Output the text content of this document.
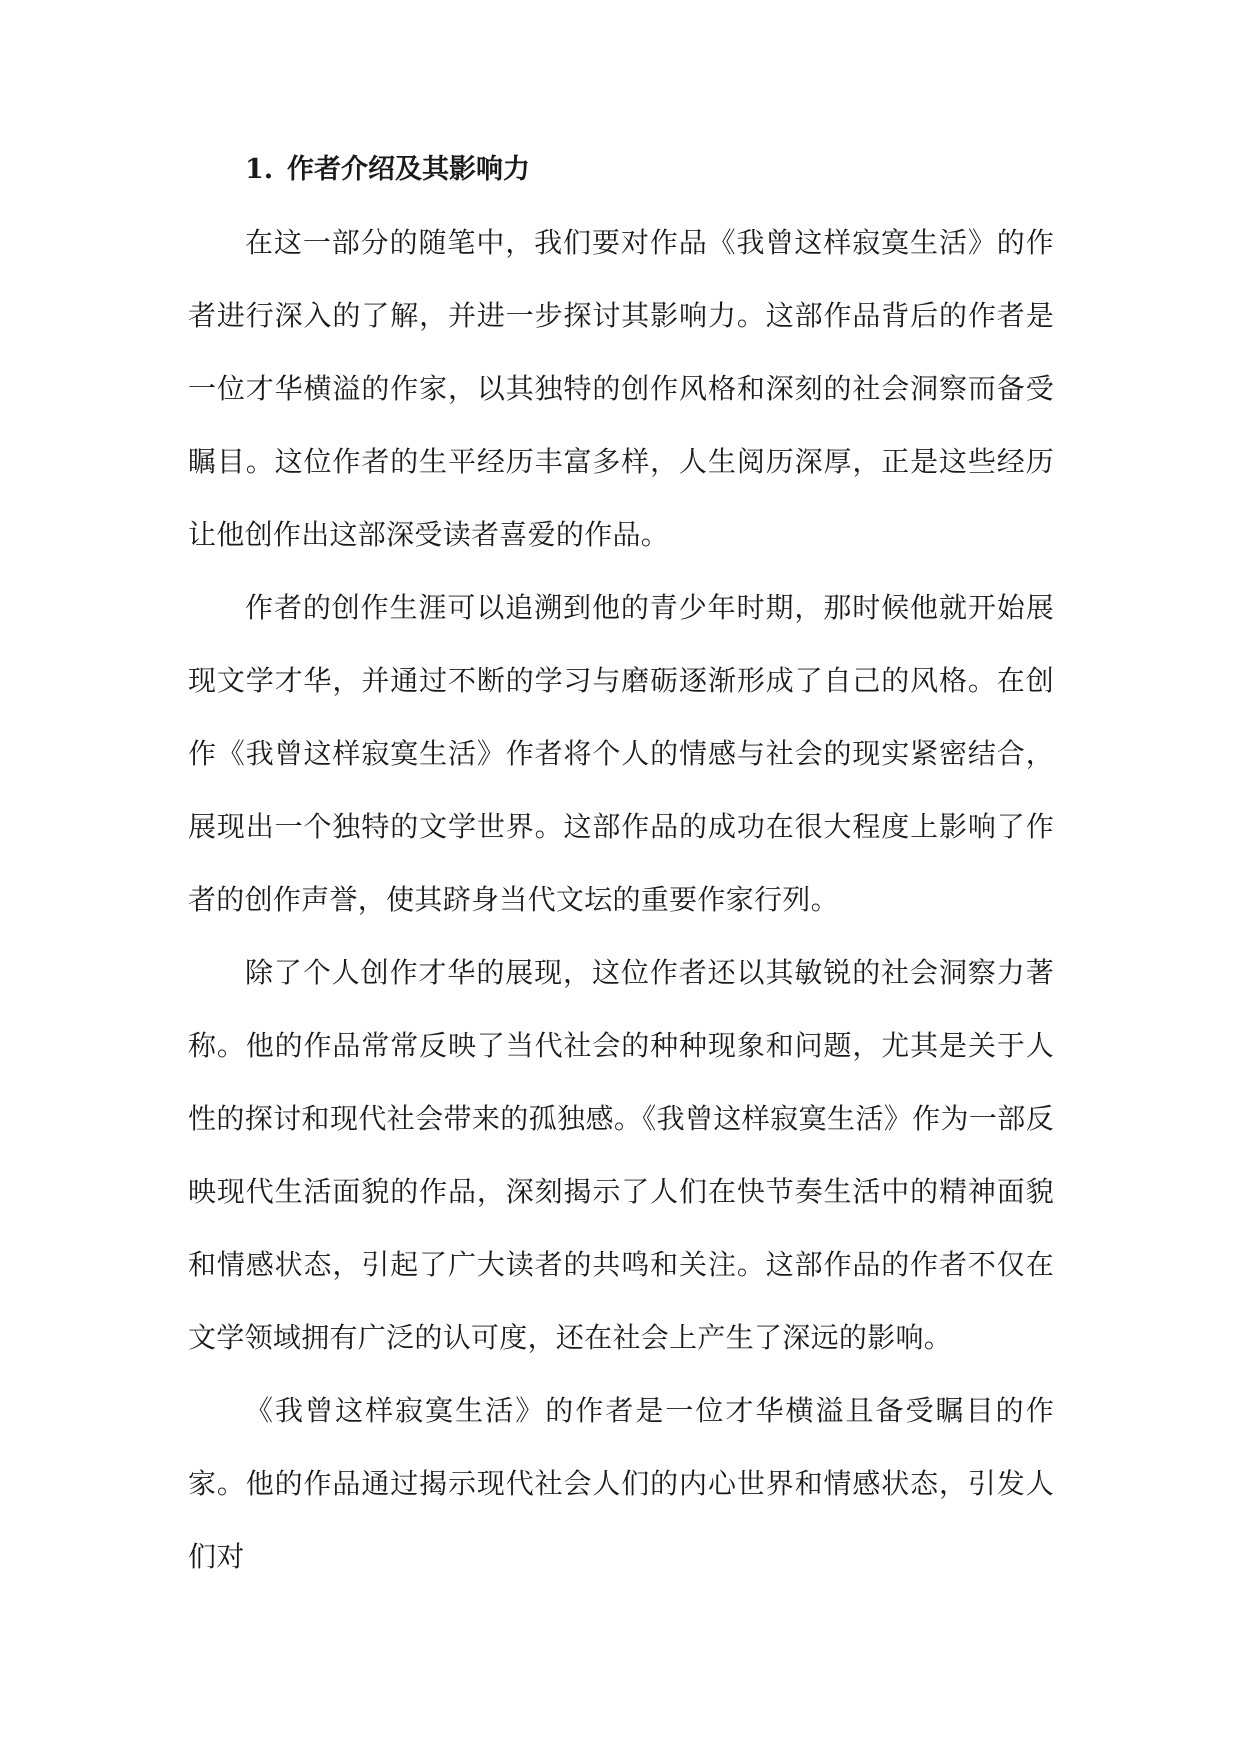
1. 作者介绍及其影响力

在这一部分的随笔中，我们要对作品《我曾这样寂寞生活》的作者进行深入的了解，并进一步探讨其影响力。这部作品背后的作者是一位才华横溢的作家，以其独特的创作风格和深刻的社会洞察而备受瞩目。这位作者的生平经历丰富多样，人生阅历深厚，正是这些经历让他创作出这部深受读者喜爱的作品。

作者的创作生涯可以追溯到他的青少年时期，那时候他就开始展现文学才华，并通过不断的学习与磨砺逐渐形成了自己的风格。在创作《我曾这样寂寞生活》作者将个人的情感与社会的现实紧密结合，展现出一个独特的文学世界。这部作品的成功在很大程度上影响了作者的创作声誉，使其跻身当代文坛的重要作家行列。

除了个人创作才华的展现，这位作者还以其敏锐的社会洞察力著称。他的作品常常反映了当代社会的种种现象和问题，尤其是关于人性的探讨和现代社会带来的孤独感。《我曾这样寂寞生活》作为一部反映现代生活面貌的作品，深刻揭示了人们在快节奏生活中的精神面貌和情感状态，引起了广大读者的共鸣和关注。这部作品的作者不仅在文学领域拥有广泛的认可度，还在社会上产生了深远的影响。

《我曾这样寂寞生活》的作者是一位才华横溢且备受瞩目的作家。他的作品通过揭示现代社会人们的内心世界和情感状态，引发人们对
